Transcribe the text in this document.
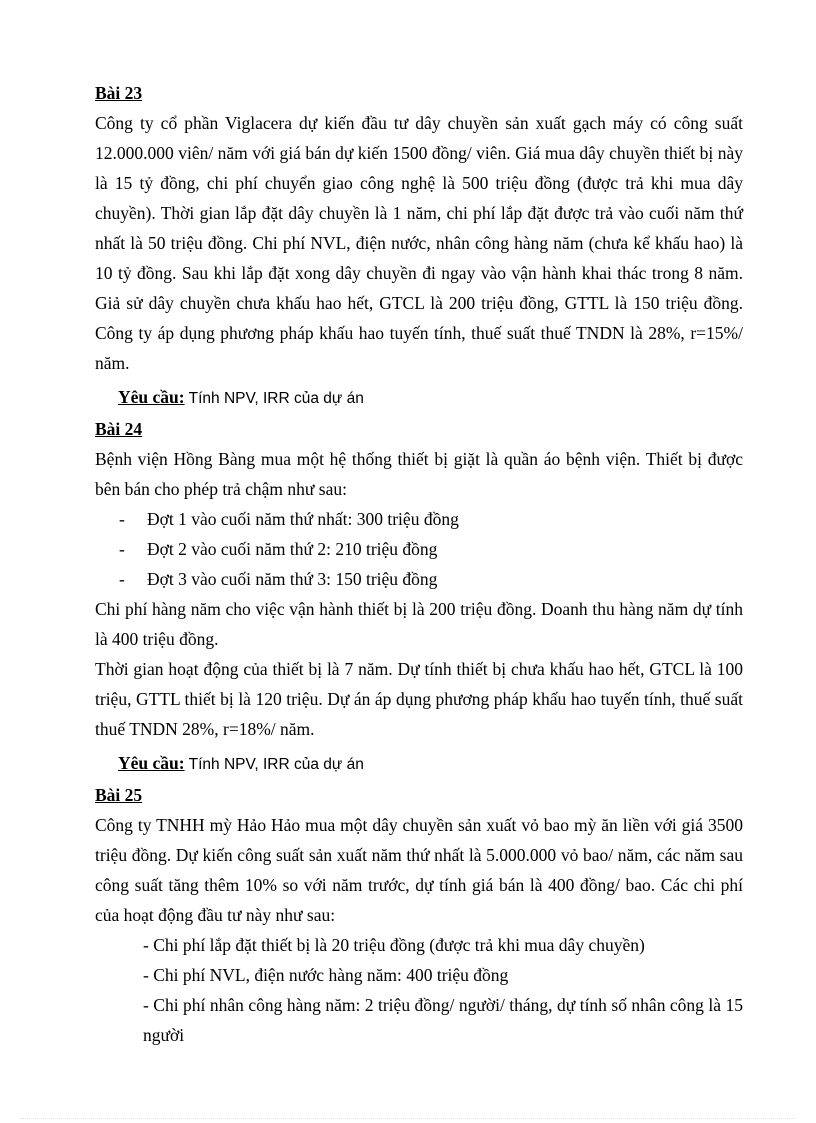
Bài 23

Công ty cổ phần Viglacera dự kiến đầu tư dây chuyền sản xuất gạch máy có công suất 12.000.000 viên/ năm với giá bán dự kiến 1500 đồng/ viên. Giá mua dây chuyền thiết bị này là 15 tỷ đồng, chi phí chuyển giao công nghệ là 500 triệu đồng (được trả khi mua dây chuyền). Thời gian lắp đặt dây chuyền là 1 năm, chi phí lắp đặt được trả vào cuối năm thứ nhất là 50 triệu đồng. Chi phí NVL, điện nước, nhân công hàng năm (chưa kể khấu hao) là 10 tỷ đồng. Sau khi lắp đặt xong dây chuyền đi ngay vào vận hành khai thác trong 8 năm. Giả sử dây chuyền chưa khấu hao hết, GTCL là 200 triệu đồng, GTTL là 150 triệu đồng. Công ty áp dụng phương pháp khấu hao tuyến tính, thuế suất thuế TNDN là 28%, r=15%/ năm.

Yêu cầu: Tính NPV, IRR của dự án

Bài 24

Bệnh viện Hồng Bàng mua một hệ thống thiết bị giặt là quần áo bệnh viện. Thiết bị được bên bán cho phép trả chậm như sau:

- Đợt 1 vào cuối năm thứ nhất: 300 triệu đồng
- Đợt 2 vào cuối năm thứ 2: 210 triệu đồng
- Đợt 3 vào cuối năm thứ 3: 150 triệu đồng

Chi phí hàng năm cho việc vận hành thiết bị là 200 triệu đồng. Doanh thu hàng năm dự tính là 400 triệu đồng.

Thời gian hoạt động của thiết bị là 7 năm. Dự tính thiết bị chưa khấu hao hết, GTCL là 100 triệu, GTTL thiết bị là 120 triệu. Dự án áp dụng phương pháp khấu hao tuyến tính, thuế suất thuế TNDN 28%, r=18%/ năm.

Yêu cầu: Tính NPV, IRR của dự án

Bài 25

Công ty TNHH mỳ Hảo Hảo mua một dây chuyền sản xuất vỏ bao mỳ ăn liền với giá 3500 triệu đồng. Dự kiến công suất sản xuất năm thứ nhất là 5.000.000 vỏ bao/ năm, các năm sau công suất tăng thêm 10% so với năm trước, dự tính giá bán là 400 đồng/ bao. Các chi phí của hoạt động đầu tư này như sau:

- Chi phí lắp đặt thiết bị là 20 triệu đồng (được trả khi mua dây chuyền)

- Chi phí NVL, điện nước hàng năm: 400 triệu đồng

- Chi phí nhân công hàng năm: 2 triệu đồng/ người/ tháng, dự tính số nhân công là 15 người
